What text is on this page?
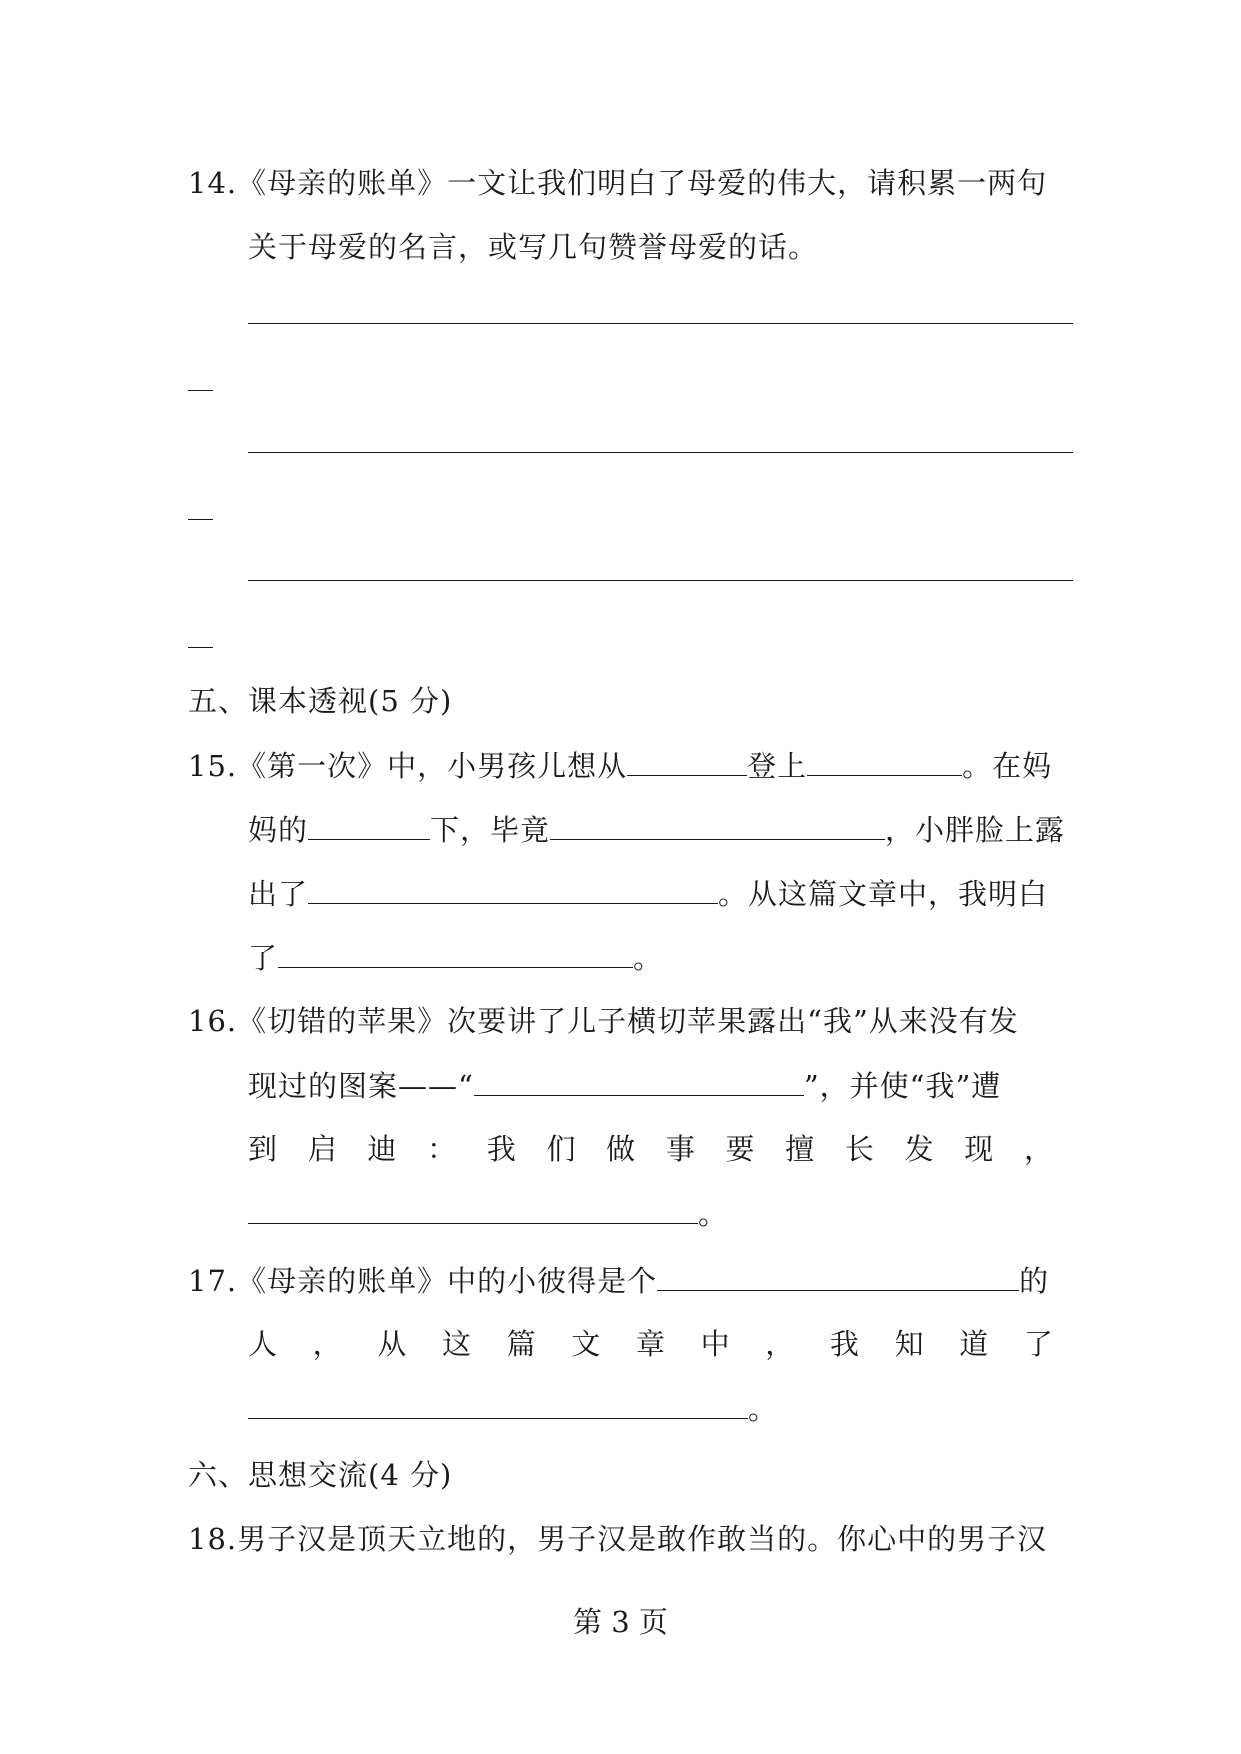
14.《母亲的账单》一文让我们明白了母爱的伟大，请积累一两句
关于母爱的名言，或写几句赞誉母爱的话。
五、课本透视(5 分)
15.《第一次》中，小男孩儿想从	登上	。在妈
妈的	下，毕竟	，小胖脸上露
出了	。从这篇文章中，我明白
了	。
16.《切错的苹果》次要讲了儿子横切苹果露出“我”从来没有发
现过的图案——“	”，并使“我”遭
到 启 迪 ： 我 们 做 事 要 擅 长 发 现 ，
。
17.《母亲的账单》中的小彼得是个	的
人 ， 从 这 篇 文 章 中 ， 我 知 道 了
。
六、思想交流(4 分)
18.男子汉是顶天立地的，男子汉是敢作敢当的。你心中的男子汉
第 3 页
